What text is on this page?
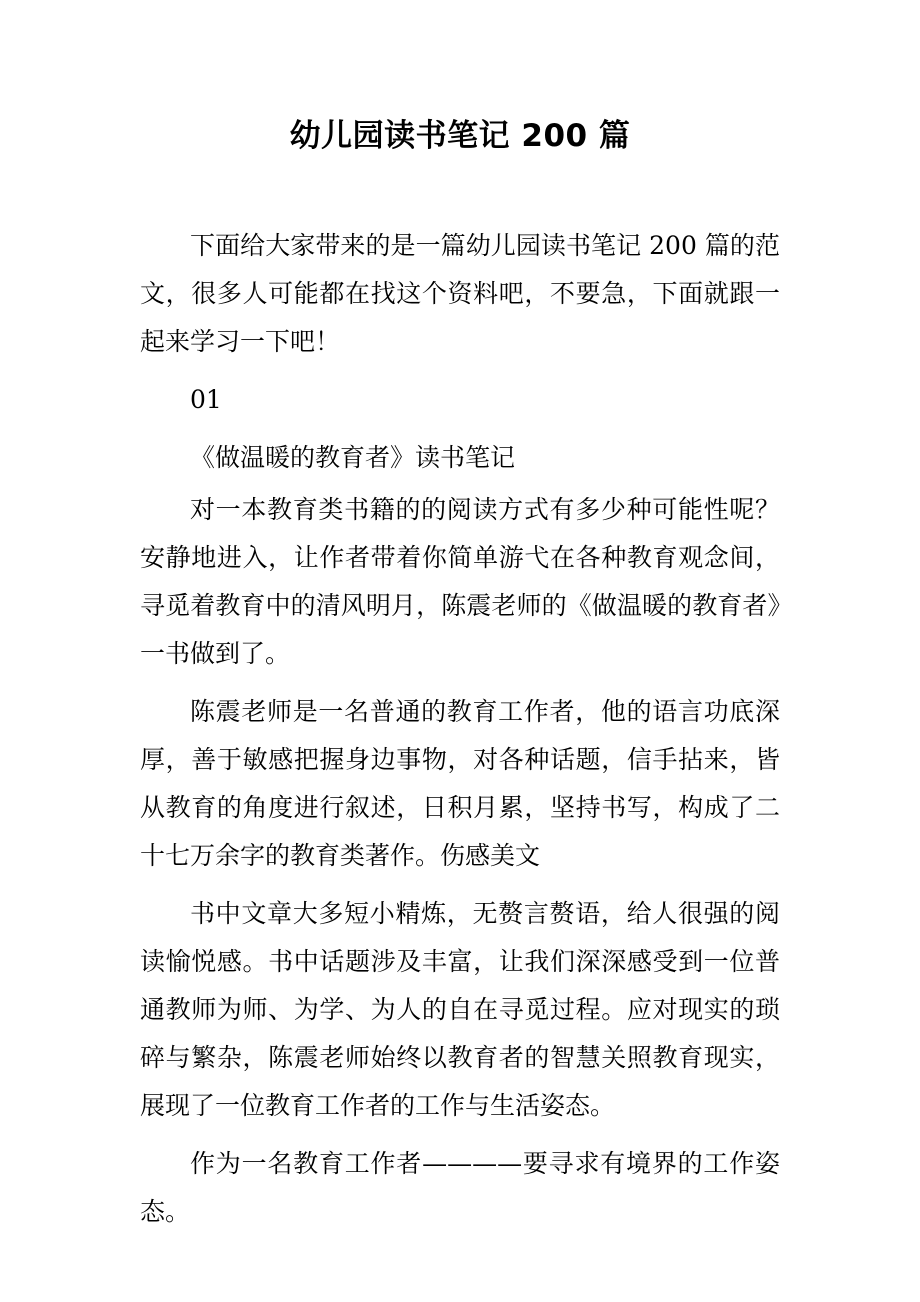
幼儿园读书笔记 200 篇

下面给大家带来的是一篇幼儿园读书笔记 200 篇的范文，很多人可能都在找这个资料吧，不要急，下面就跟一起来学习一下吧！

01

《做温暖的教育者》读书笔记

对一本教育类书籍的的阅读方式有多少种可能性呢？安静地进入，让作者带着你简单游弋在各种教育观念间，寻觅着教育中的清风明月，陈震老师的《做温暖的教育者》一书做到了。

陈震老师是一名普通的教育工作者，他的语言功底深厚，善于敏感把握身边事物，对各种话题，信手拈来，皆从教育的角度进行叙述，日积月累，坚持书写，构成了二十七万余字的教育类著作。伤感美文

书中文章大多短小精炼，无赘言赘语，给人很强的阅读愉悦感。书中话题涉及丰富，让我们深深感受到一位普通教师为师、为学、为人的自在寻觅过程。应对现实的琐碎与繁杂，陈震老师始终以教育者的智慧关照教育现实，展现了一位教育工作者的工作与生活姿态。

作为一名教育工作者————要寻求有境界的工作姿态。
